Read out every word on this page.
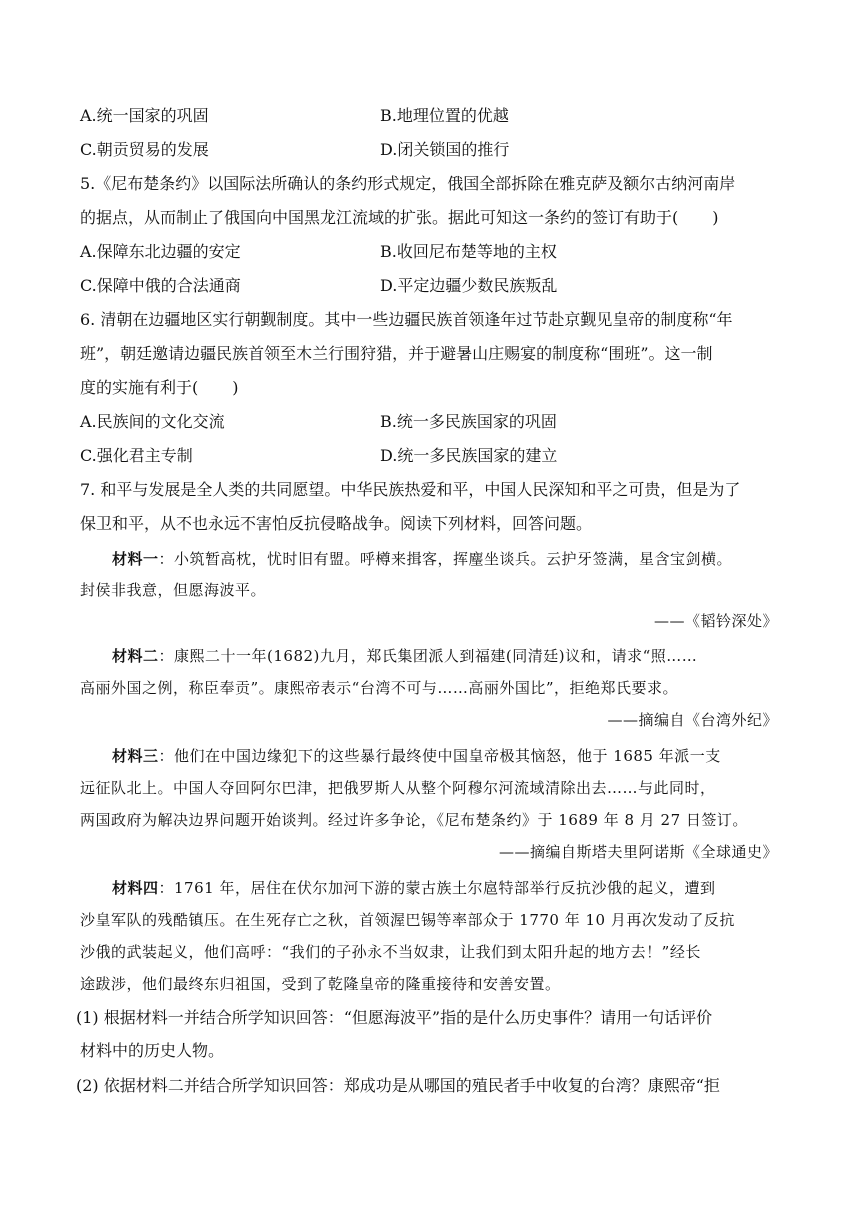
A.统一国家的巩固	B.地理位置的优越
C.朝贡贸易的发展	D.闭关锁国的推行
5.《尼布楚条约》以国际法所确认的条约形式规定，俄国全部拆除在雅克萨及额尔古纳河南岸
的据点，从而制止了俄国向中国黑龙江流域的扩张。据此可知这一条约的签订有助于( )
A.保障东北边疆的安定	B.收回尼布楚等地的主权
C.保障中俄的合法通商	D.平定边疆少数民族叛乱
6. 清朝在边疆地区实行朝觐制度。其中一些边疆民族首领逢年过节赴京觐见皇帝的制度称“年
班”，朝廷邀请边疆民族首领至木兰行围狩猎，并于避暑山庄赐宴的制度称“围班”。这一制
度的实施有利于( )
A.民族间的文化交流	B.统一多民族国家的巩固
C.强化君主专制	D.统一多民族国家的建立
7. 和平与发展是全人类的共同愿望。中华民族热爱和平，中国人民深知和平之可贵，但是为了
保卫和平，从不也永远不害怕反抗侵略战争。阅读下列材料，回答问题。
材料一：小筑暂高枕，忧时旧有盟。呼樽来揖客，挥麈坐谈兵。云护牙签满，星含宝剑横。
封侯非我意，但愿海波平。
——《韬钤深处》
材料二：康熙二十一年(1682)九月，郑氏集团派人到福建(同清廷)议和，请求“照……
高丽外国之例，称臣奉贡”。康熙帝表示“台湾不可与……高丽外国比”，拒绝郑氏要求。
——摘编自《台湾外纪》
材料三：他们在中国边缘犯下的这些暴行最终使中国皇帝极其恼怒，他于 1685 年派一支
远征队北上。中国人夺回阿尔巴津，把俄罗斯人从整个阿穆尔河流域清除出去……与此同时，
两国政府为解决边界问题开始谈判。经过许多争论，《尼布楚条约》于 1689 年 8 月 27 日签订。
——摘编自斯塔夫里阿诺斯《全球通史》
材料四：1761 年，居住在伏尔加河下游的蒙古族土尔扈特部举行反抗沙俄的起义，遭到
沙皇军队的残酷镇压。在生死存亡之秋，首领渥巴锡等率部众于 1770 年 10 月再次发动了反抗
沙俄的武装起义，他们高呼：“我们的子孙永不当奴隶，让我们到太阳升起的地方去！”经长
途跋涉，他们最终东归祖国，受到了乾隆皇帝的隆重接待和安善安置。
(1) 根据材料一并结合所学知识回答：“但愿海波平”指的是什么历史事件？请用一句话评价
材料中的历史人物。
(2) 依据材料二并结合所学知识回答：郑成功是从哪国的殖民者手中收复的台湾？康熙帝“拒
